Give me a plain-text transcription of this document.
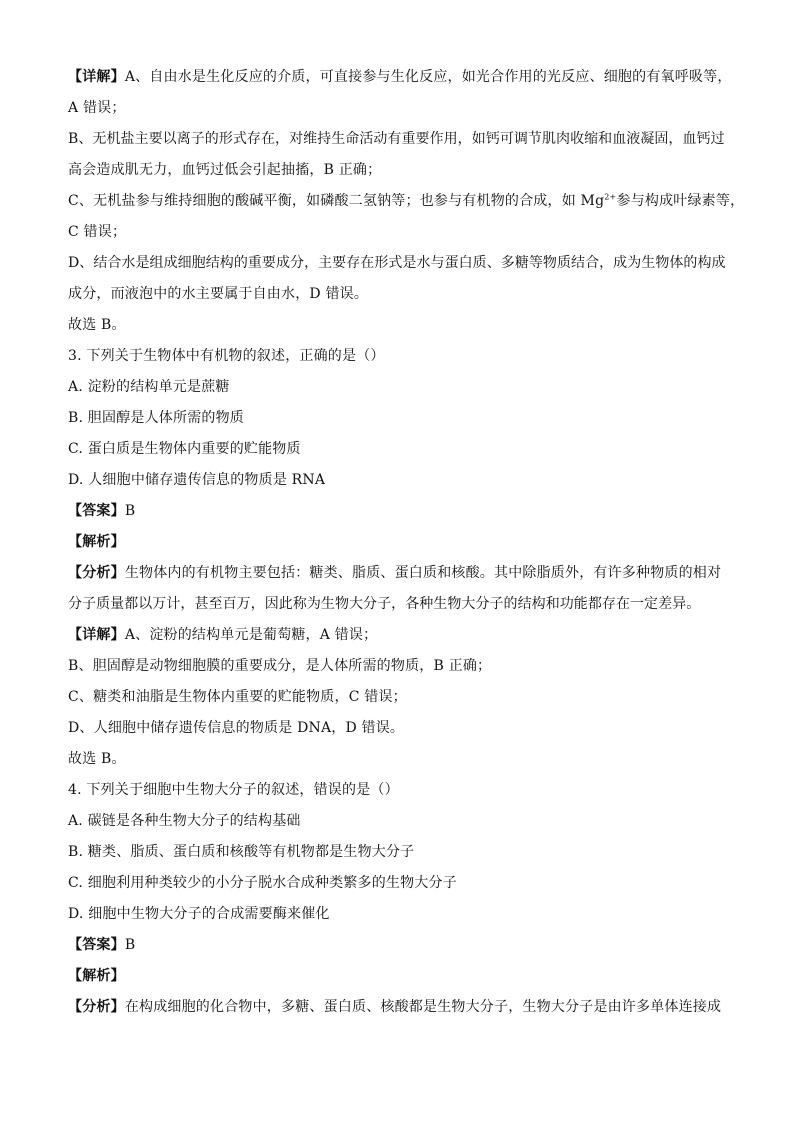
【详解】A、自由水是生化反应的介质，可直接参与生化反应，如光合作用的光反应、细胞的有氧呼吸等，
A 错误；
B、无机盐主要以离子的形式存在，对维持生命活动有重要作用，如钙可调节肌肉收缩和血液凝固，血钙过
高会造成肌无力，血钙过低会引起抽搐，B 正确；
C、无机盐参与维持细胞的酸碱平衡，如磷酸二氢钠等；也参与有机物的合成，如 $Mg^{2+}$参与构成叶绿素等，
C 错误；
D、结合水是组成细胞结构的重要成分，主要存在形式是水与蛋白质、多糖等物质结合，成为生物体的构成
成分，而液泡中的水主要属于自由水，D 错误。
故选 B。
3. 下列关于生物体中有机物的叙述，正确的是（）
A. 淀粉的结构单元是蔗糖
B. 胆固醇是人体所需的物质
C. 蛋白质是生物体内重要的贮能物质
D. 人细胞中储存遗传信息的物质是 RNA
【答案】B
【解析】
【分析】生物体内的有机物主要包括：糖类、脂质、蛋白质和核酸。其中除脂质外，有许多种物质的相对
分子质量都以万计，甚至百万，因此称为生物大分子，各种生物大分子的结构和功能都存在一定差异。
【详解】A、淀粉的结构单元是葡萄糖，A 错误；
B、胆固醇是动物细胞膜的重要成分，是人体所需的物质，B 正确；
C、糖类和油脂是生物体内重要的贮能物质，C 错误；
D、人细胞中储存遗传信息的物质是 DNA，D 错误。
故选 B。
4. 下列关于细胞中生物大分子的叙述，错误的是（）
A. 碳链是各种生物大分子的结构基础
B. 糖类、脂质、蛋白质和核酸等有机物都是生物大分子
C. 细胞利用种类较少的小分子脱水合成种类繁多的生物大分子
D. 细胞中生物大分子的合成需要酶来催化
【答案】B
【解析】
【分析】在构成细胞的化合物中，多糖、蛋白质、核酸都是生物大分子，生物大分子是由许多单体连接成
